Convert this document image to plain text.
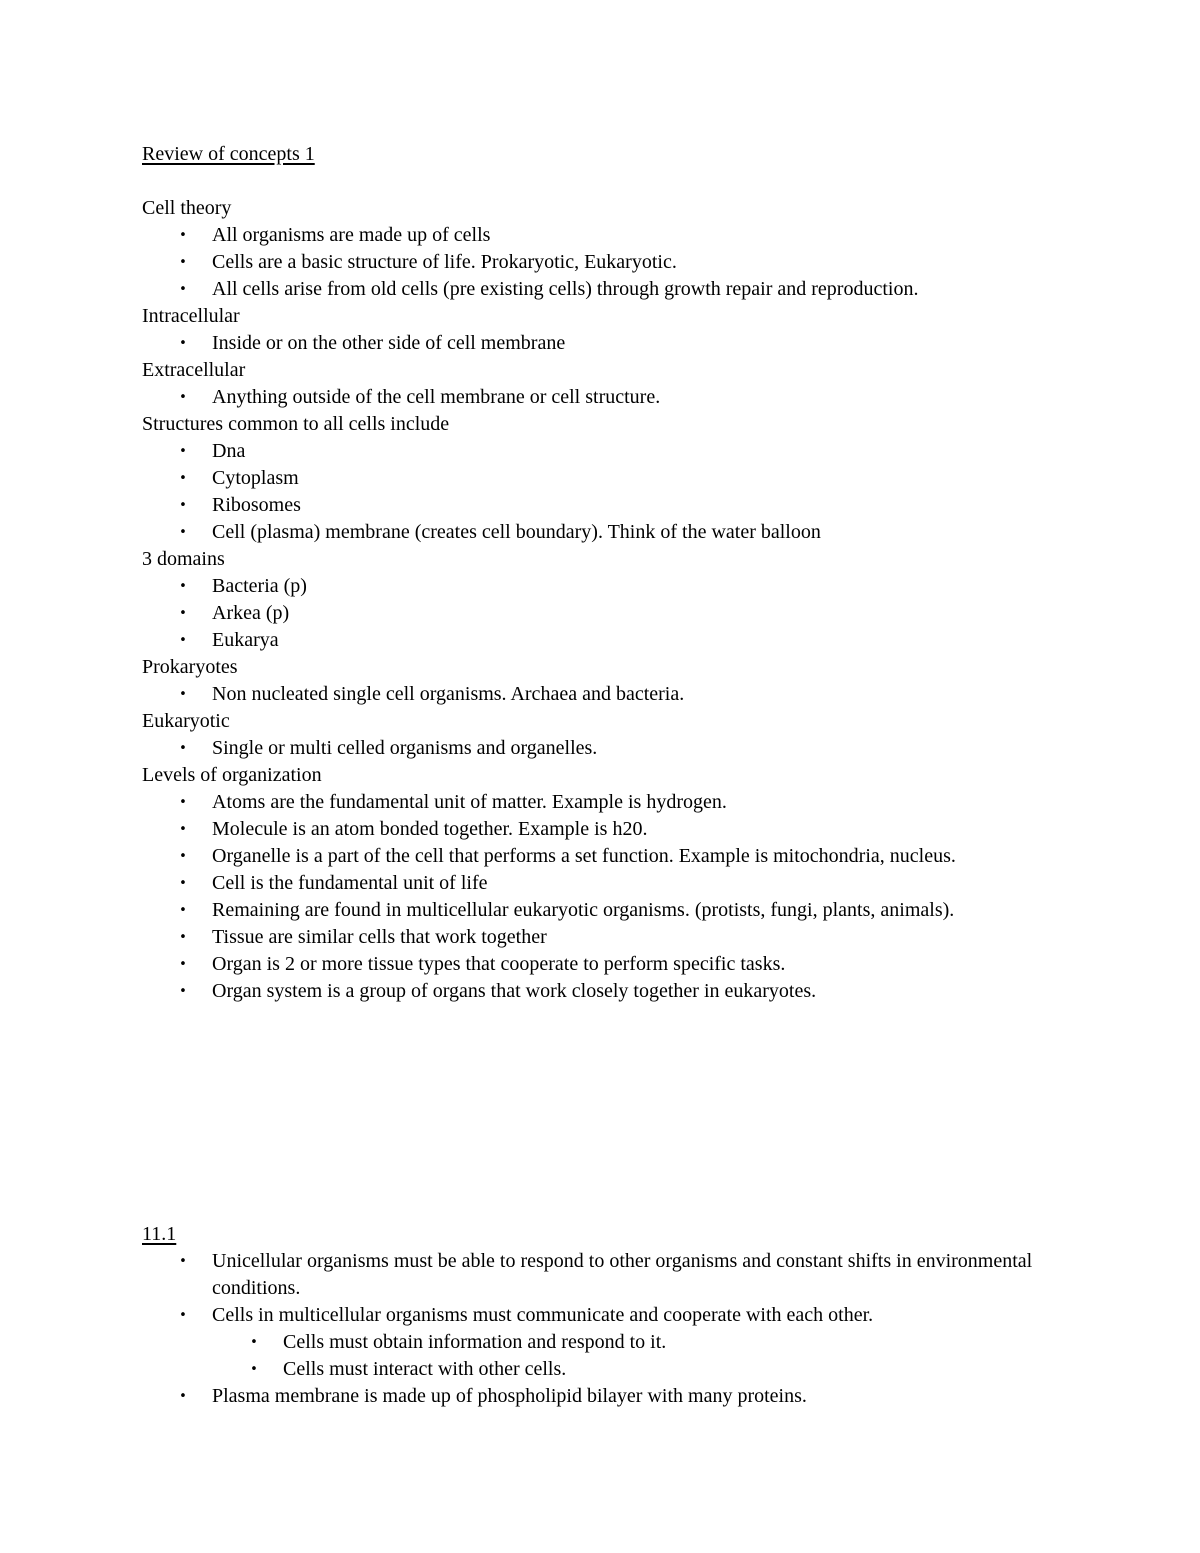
Review of concepts 1

Cell theory

•	All organisms are made up of cells
•	Cells are a basic structure of life. Prokaryotic, Eukaryotic.
•	All cells arise from old cells (pre existing cells) through growth repair and reproduction.

Intracellular

•	Inside or on the other side of cell membrane

Extracellular

•	Anything outside of the cell membrane or cell structure.

Structures common to all cells include

•	Dna
•	Cytoplasm
•	Ribosomes
•	Cell (plasma) membrane (creates cell boundary). Think of the water balloon

3 domains

•	Bacteria (p)
•	Arkea (p)
•	Eukarya

Prokaryotes

•	Non nucleated single cell organisms. Archaea and bacteria.

Eukaryotic

•	Single or multi celled organisms and organelles.

Levels of organization

•	Atoms are the fundamental unit of matter. Example is hydrogen.
•	Molecule is an atom bonded together. Example is h20.
•	Organelle is a part of the cell that performs a set function. Example is mitochondria, nucleus.
•	Cell is the fundamental unit of life
•	Remaining are found in multicellular eukaryotic organisms. (protists, fungi, plants, animals).
•	Tissue are similar cells that work together
•	Organ is 2 or more tissue types that cooperate to perform specific tasks.
•	Organ system is a group of organs that work closely together in eukaryotes.

11.1

•	Unicellular organisms must be able to respond to other organisms and constant shifts in environmental conditions.
•	Cells in multicellular organisms must communicate and cooperate with each other.
•	Cells must obtain information and respond to it.
•	Cells must interact with other cells.
•	Plasma membrane is made up of phospholipid bilayer with many proteins.
